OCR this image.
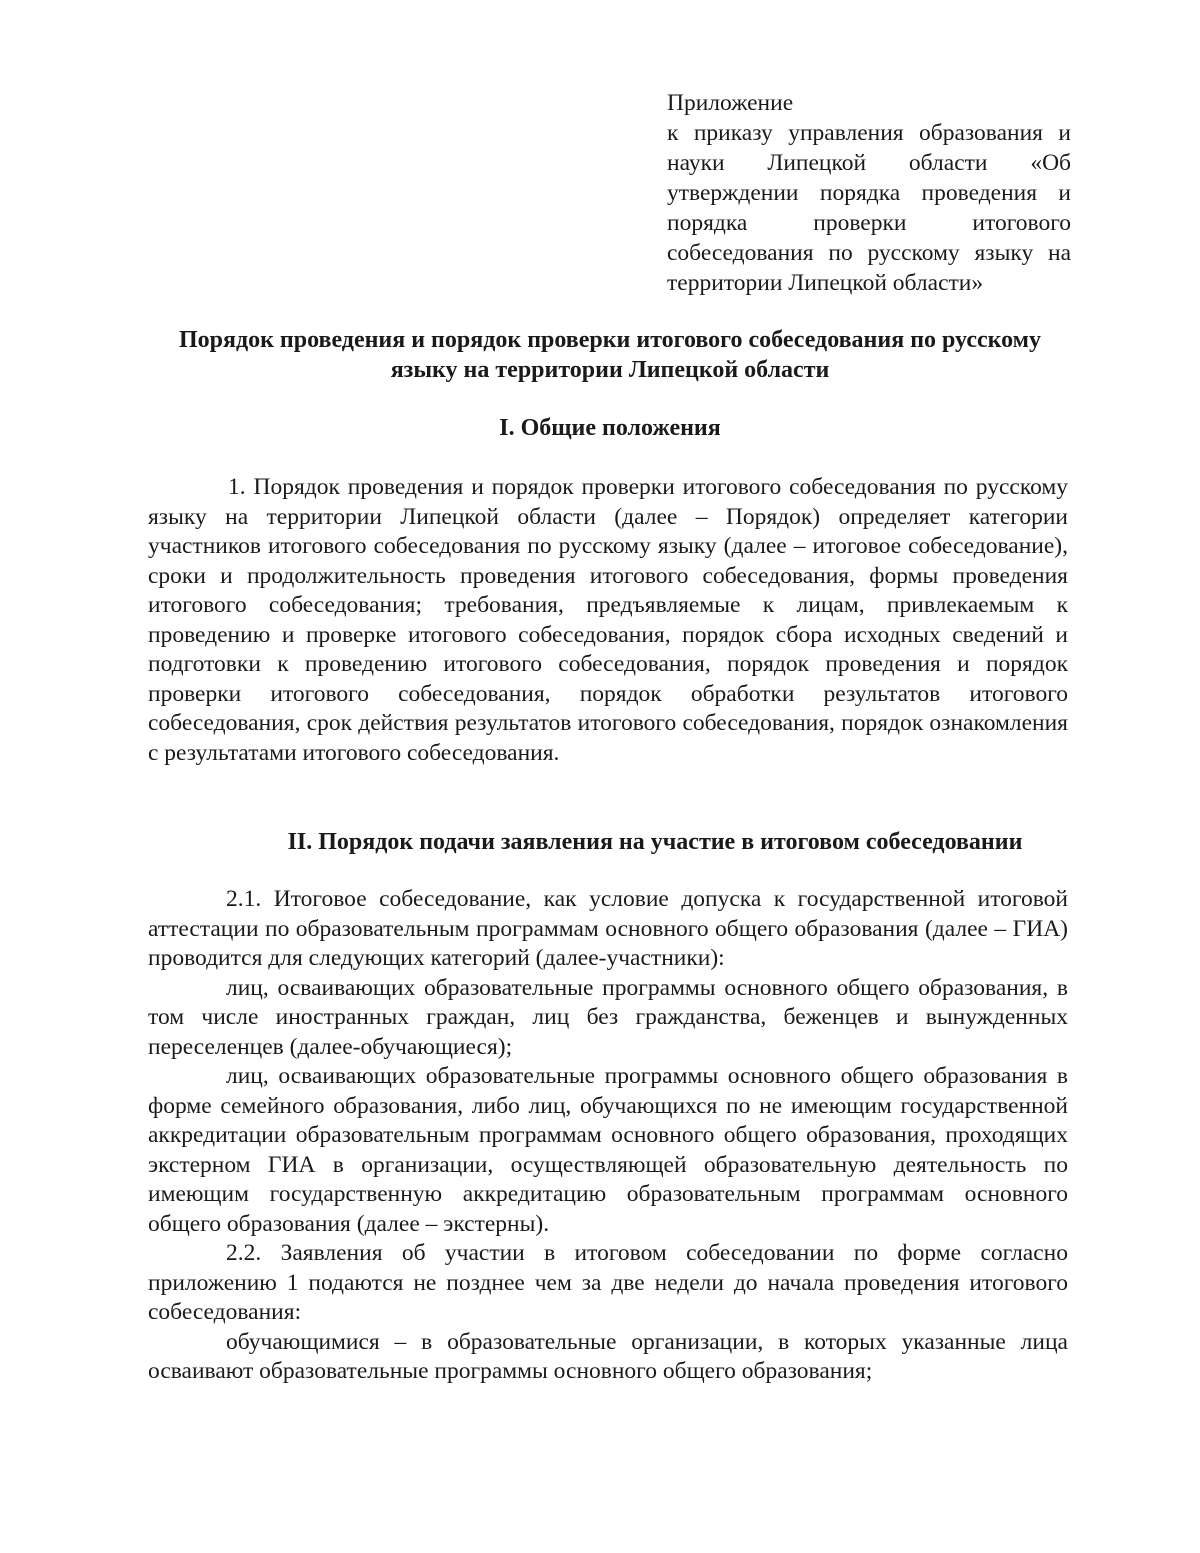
Приложение
к приказу управления образования и науки Липецкой области «Об утверждении порядка проведения и порядка проверки итогового собеседования по русскому языку на территории Липецкой области»
Порядок проведения и порядок проверки итогового собеседования по русскому языку на территории Липецкой области
I. Общие положения

1. Порядок проведения и порядок проверки итогового собеседования по русскому языку на территории Липецкой области (далее – Порядок) определяет категории участников итогового собеседования по русскому языку (далее – итоговое собеседование), сроки и продолжительность проведения итогового собеседования, формы проведения итогового собеседования; требования, предъявляемые к лицам, привлекаемым к проведению и проверке итогового собеседования, порядок сбора исходных сведений и подготовки к проведению итогового собеседования, порядок проведения и порядок проверки итогового собеседования, порядок обработки результатов итогового собеседования, срок действия результатов итогового собеседования, порядок ознакомления с результатами итогового собеседования.

II. Порядок подачи заявления на участие в итоговом собеседовании

2.1. Итоговое собеседование, как условие допуска к государственной итоговой аттестации по образовательным программам основного общего образования (далее – ГИА) проводится для следующих категорий (далее-участники):

лиц, осваивающих образовательные программы основного общего образования, в том числе иностранных граждан, лиц без гражданства, беженцев и вынужденных переселенцев (далее-обучающиеся);

лиц, осваивающих образовательные программы основного общего образования в форме семейного образования, либо лиц, обучающихся по не имеющим государственной аккредитации образовательным программам основного общего образования, проходящих экстерном ГИА в организации, осуществляющей образовательную деятельность по имеющим государственную аккредитацию образовательным программам основного общего образования (далее – экстерны).

2.2. Заявления об участии в итоговом собеседовании по форме согласно приложению 1 подаются не позднее чем за две недели до начала проведения итогового собеседования:

обучающимися – в образовательные организации, в которых указанные лица осваивают образовательные программы основного общего образования;
